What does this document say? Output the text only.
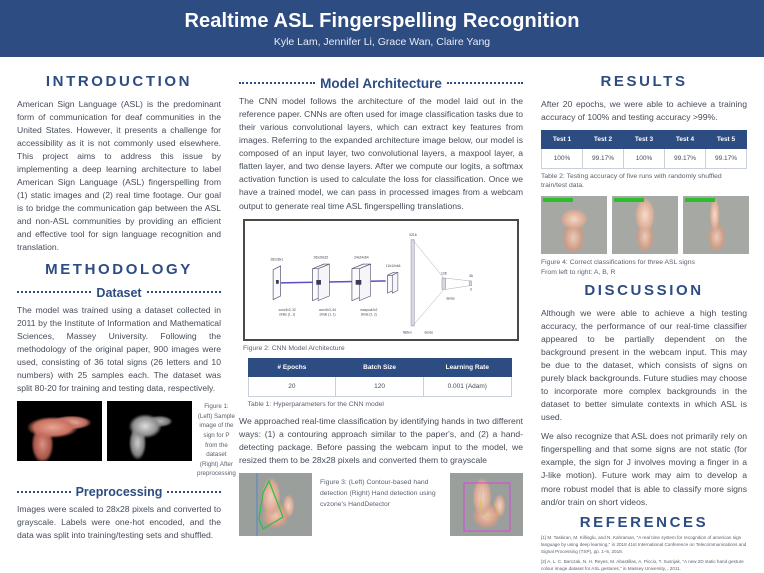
Realtime ASL Fingerspelling Recognition
Kyle Lam, Jennifer Li, Grace Wan, Claire Yang
INTRODUCTION

American Sign Language (ASL) is the predominant form of communication for deaf communities in the United States. However, it presents a challenge for accessibility as it is not commonly used elsewhere. This project aims to address this issue by implementing a deep learning architecture to label American Sign Language (ASL) fingerspelling from (1) static images and (2) real time footage. Our goal is to bridge the communication gap between the ASL and non-ASL communities by providing an efficient and effective tool for sign language recognition and translation.

METHODOLOGY
Dataset

The model was trained using a dataset collected in 2011 by the Institute of Information and Mathematical Sciences, Massey University. Following the methodology of the original paper, 900 images were used, consisting of 36 total signs (26 letters and 10 numbers) with 25 samples each. The dataset was split 80-20 for training and testing data, respectively.

Figure 1: (Left) Sample image of the sign for P from the dataset (Right) After preprocessing
Preprocessing

Images were scaled to 28x28 pixels and converted to grayscale. Labels were one-hot encoded, and the data was split into training/testing sets and shuffled.

Model Architecture

The CNN model follows the architecture of the model laid out in the reference paper. CNNs are often used for image classification tasks due to their various convolutional layers, which can extract key features from images. Referring to the expanded architecture image below, our model is composed of an input layer, two convolutional layers, a maxpool layer, a flatten layer, and two dense layers. After we compute our logits, a softmax activation function is used to calculate the loss for classification. Once we have a trained model, we can pass in processed images from a webcam output to generate real time ASL fingerspelling translations.

28x28x1	26x26x32	24x24x64
12x12x64
conv3x3, 32
stride (1, 1)
conv3x3, 64
stride (1, 1)
maxpool2x2
stride (2, 2)
9216
flatten	dense
128
dense
36
0
Figure 2: CNN Model Architecture
# Epochs	Batch Size	Learning Rate
20	120	0.001 (Adam)
Table 1: Hyperparameters for the CNN model

We approached real-time classification by identifying hands in two different ways: (1) a contouring approach similar to the paper's, and (2) a hand-detecting package. Before passing the webcam input to the model, we resized them to be 28x28 pixels and converted them to grayscale

Figure 3: (Left) Contour-based hand detection (Right) Hand detection using cvzone's HandDetector
RESULTS

After 20 epochs, we were able to achieve a training accuracy of 100% and testing accuracy >99%.

Test 1	Test 2	Test 3	Test 4	Test 5
100%	99.17%	100%	99.17%	99.17%
Table 2: Testing accuracy of five runs with randomly shuffled train/test data.
Figure 4: Correct classifications for three ASL signs
From left to right: A, B, R
DISCUSSION

Although we were able to achieve a high testing accuracy, the performance of our real-time classifier appeared to be partially dependent on the background present in the webcam input. This may be due to the dataset, which consists of signs on purely black backgrounds. Future studies may choose to incorporate more complex backgrounds in the dataset to better simulate contexts in which ASL is used.

We also recognize that ASL does not primarily rely on fingerspelling and that some signs are not static (for example, the sign for J involves moving a finger in a J-like motion). Future work may aim to develop a more robust model that is able to classify more signs and/or train on short videos.

REFERENCES
[1] M. Taskiran, M. Killioglu, and N. Kahraman, "A real time system for recognition of american sign language by using deep learning," in 2018 41st International Conference on Telecommunications and Signal Processing (TSP), pp. 1–5, 2018.
[2] A. L. C. Barczak, N. H. Reyes, M. Abastillas, A. Piccio, T. Susnjak, "A new 2D static hand gesture colour image dataset for ASL gestures," in Massey University, , 2011.
